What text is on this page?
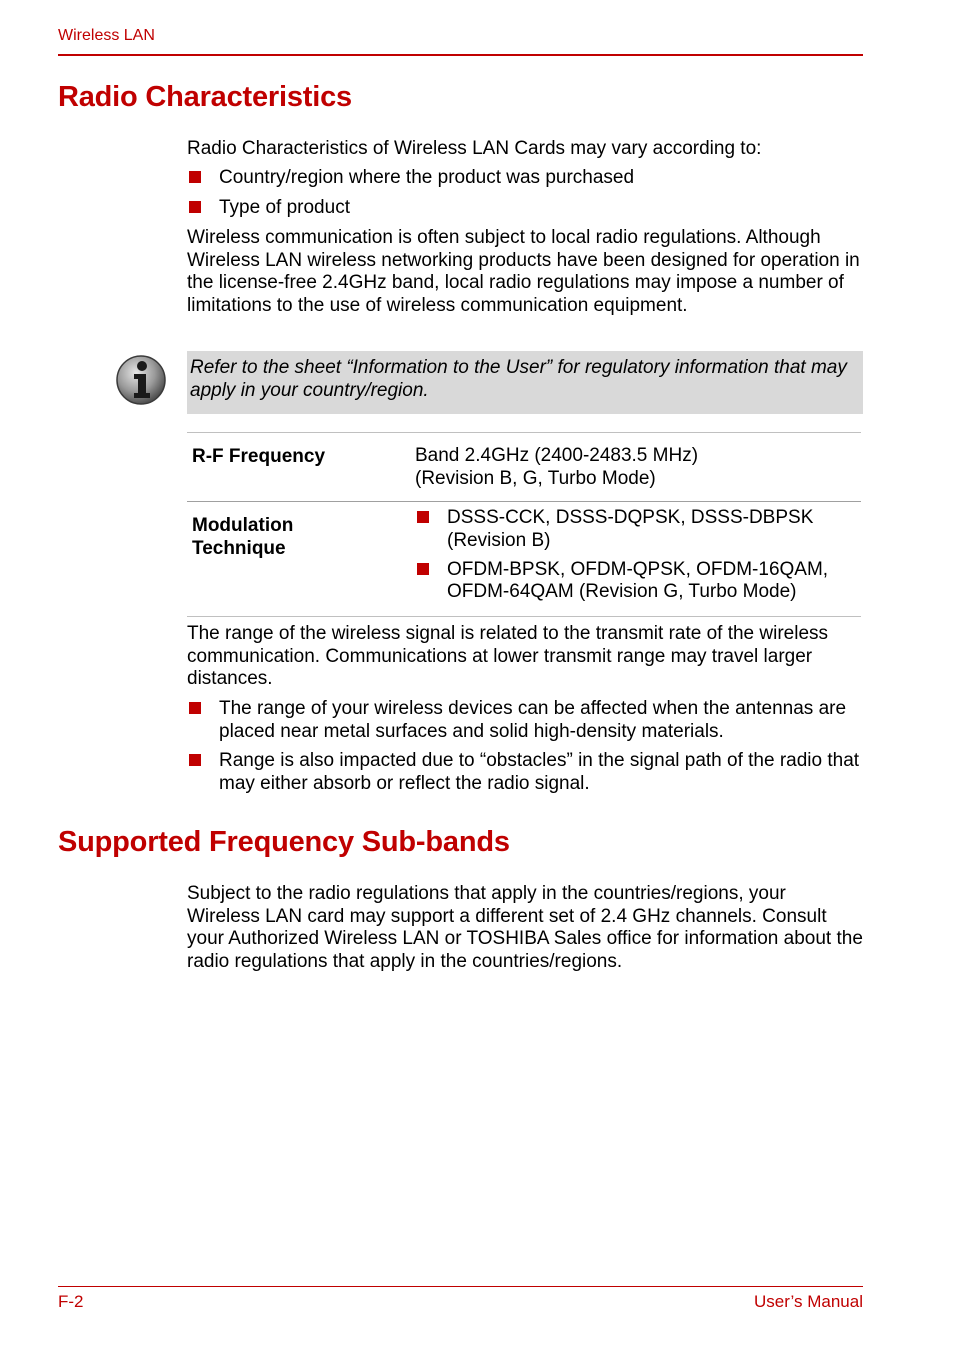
Wireless LAN
Radio Characteristics
Radio Characteristics of Wireless LAN Cards may vary according to:
Country/region where the product was purchased
Type of product
Wireless communication is often subject to local radio regulations. Although Wireless LAN wireless networking products have been designed for operation in the license-free 2.4GHz band, local radio regulations may impose a number of limitations to the use of wireless communication equipment.
Refer to the sheet “Information to the User” for regulatory information that may apply in your country/region.
R-F Frequency	Band 2.4GHz (2400-2483.5 MHz)
(Revision B, G, Turbo Mode)
Modulation
Technique
DSSS-CCK, DSSS-DQPSK, DSSS-DBPSK
(Revision B)
OFDM-BPSK, OFDM-QPSK, OFDM-16QAM,
OFDM-64QAM (Revision G, Turbo Mode)
The range of the wireless signal is related to the transmit rate of the wireless communication. Communications at lower transmit range may travel larger distances.
The range of your wireless devices can be affected when the antennas are placed near metal surfaces and solid high-density materials.
Range is also impacted due to “obstacles” in the signal path of the radio that may either absorb or reflect the radio signal.
Supported Frequency Sub-bands
Subject to the radio regulations that apply in the countries/regions, your Wireless LAN card may support a different set of 2.4 GHz channels. Consult your Authorized Wireless LAN or TOSHIBA Sales office for information about the radio regulations that apply in the countries/regions.
F-2	User’s Manual
